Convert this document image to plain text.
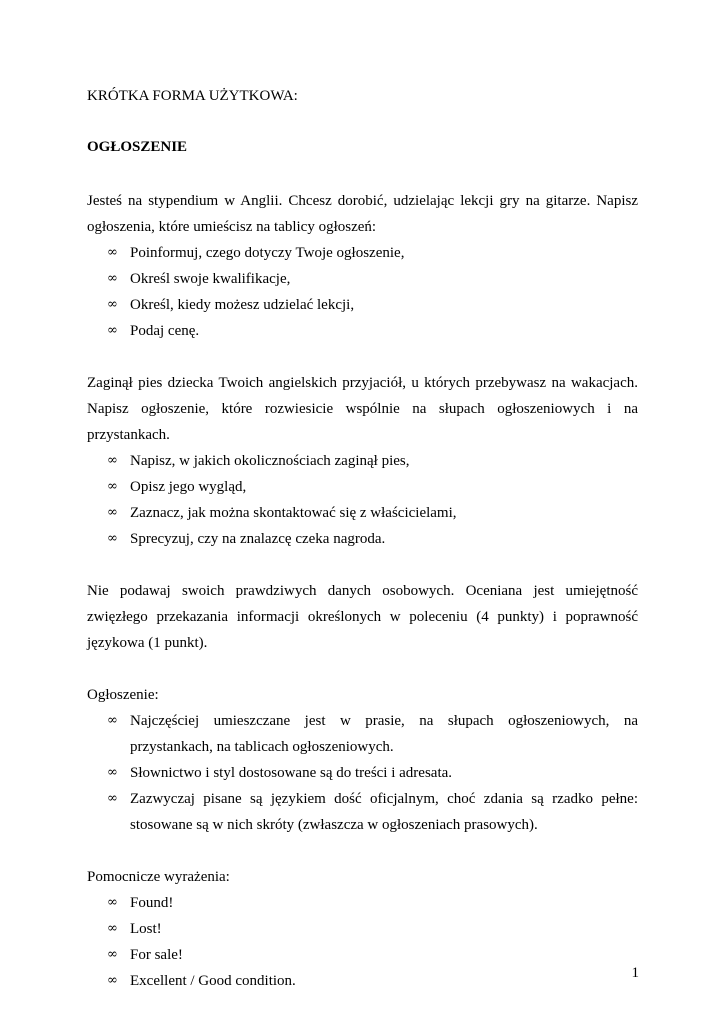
KRÓTKA FORMA UŻYTKOWA:

OGŁOSZENIE

Jesteś na stypendium w Anglii. Chcesz dorobić, udzielając lekcji gry na gitarze. Napisz ogłoszenia, które umieścisz na tablicy ogłoszeń:

∞ Poinformuj, czego dotyczy Twoje ogłoszenie,
∞ Określ swoje kwalifikacje,
∞ Określ, kiedy możesz udzielać lekcji,
∞ Podaj cenę.

Zaginął pies dziecka Twoich angielskich przyjaciół, u których przebywasz na wakacjach. Napisz ogłoszenie, które rozwiesicie wspólnie na słupach ogłoszeniowych i na przystankach.

∞ Napisz, w jakich okolicznościach zaginął pies,
∞ Opisz jego wygląd,
∞ Zaznacz, jak można skontaktować się z właścicielami,
∞ Sprecyzuj, czy na znalazcę czeka nagroda.

Nie podawaj swoich prawdziwych danych osobowych. Oceniana jest umiejętność zwięzłego przekazania informacji określonych w poleceniu (4 punkty) i poprawność językowa (1 punkt).

Ogłoszenie:

∞ Najczęściej umieszczane jest w prasie, na słupach ogłoszeniowych, na przystankach, na tablicach ogłoszeniowych.
∞ Słownictwo i styl dostosowane są do treści i adresata.
∞ Zazwyczaj pisane są językiem dość oficjalnym, choć zdania są rzadko pełne: stosowane są w nich skróty (zwłaszcza w ogłoszeniach prasowych).

Pomocnicze wyrażenia:

∞ Found!
∞ Lost!
∞ For sale!
∞ Excellent / Good condition.	1
